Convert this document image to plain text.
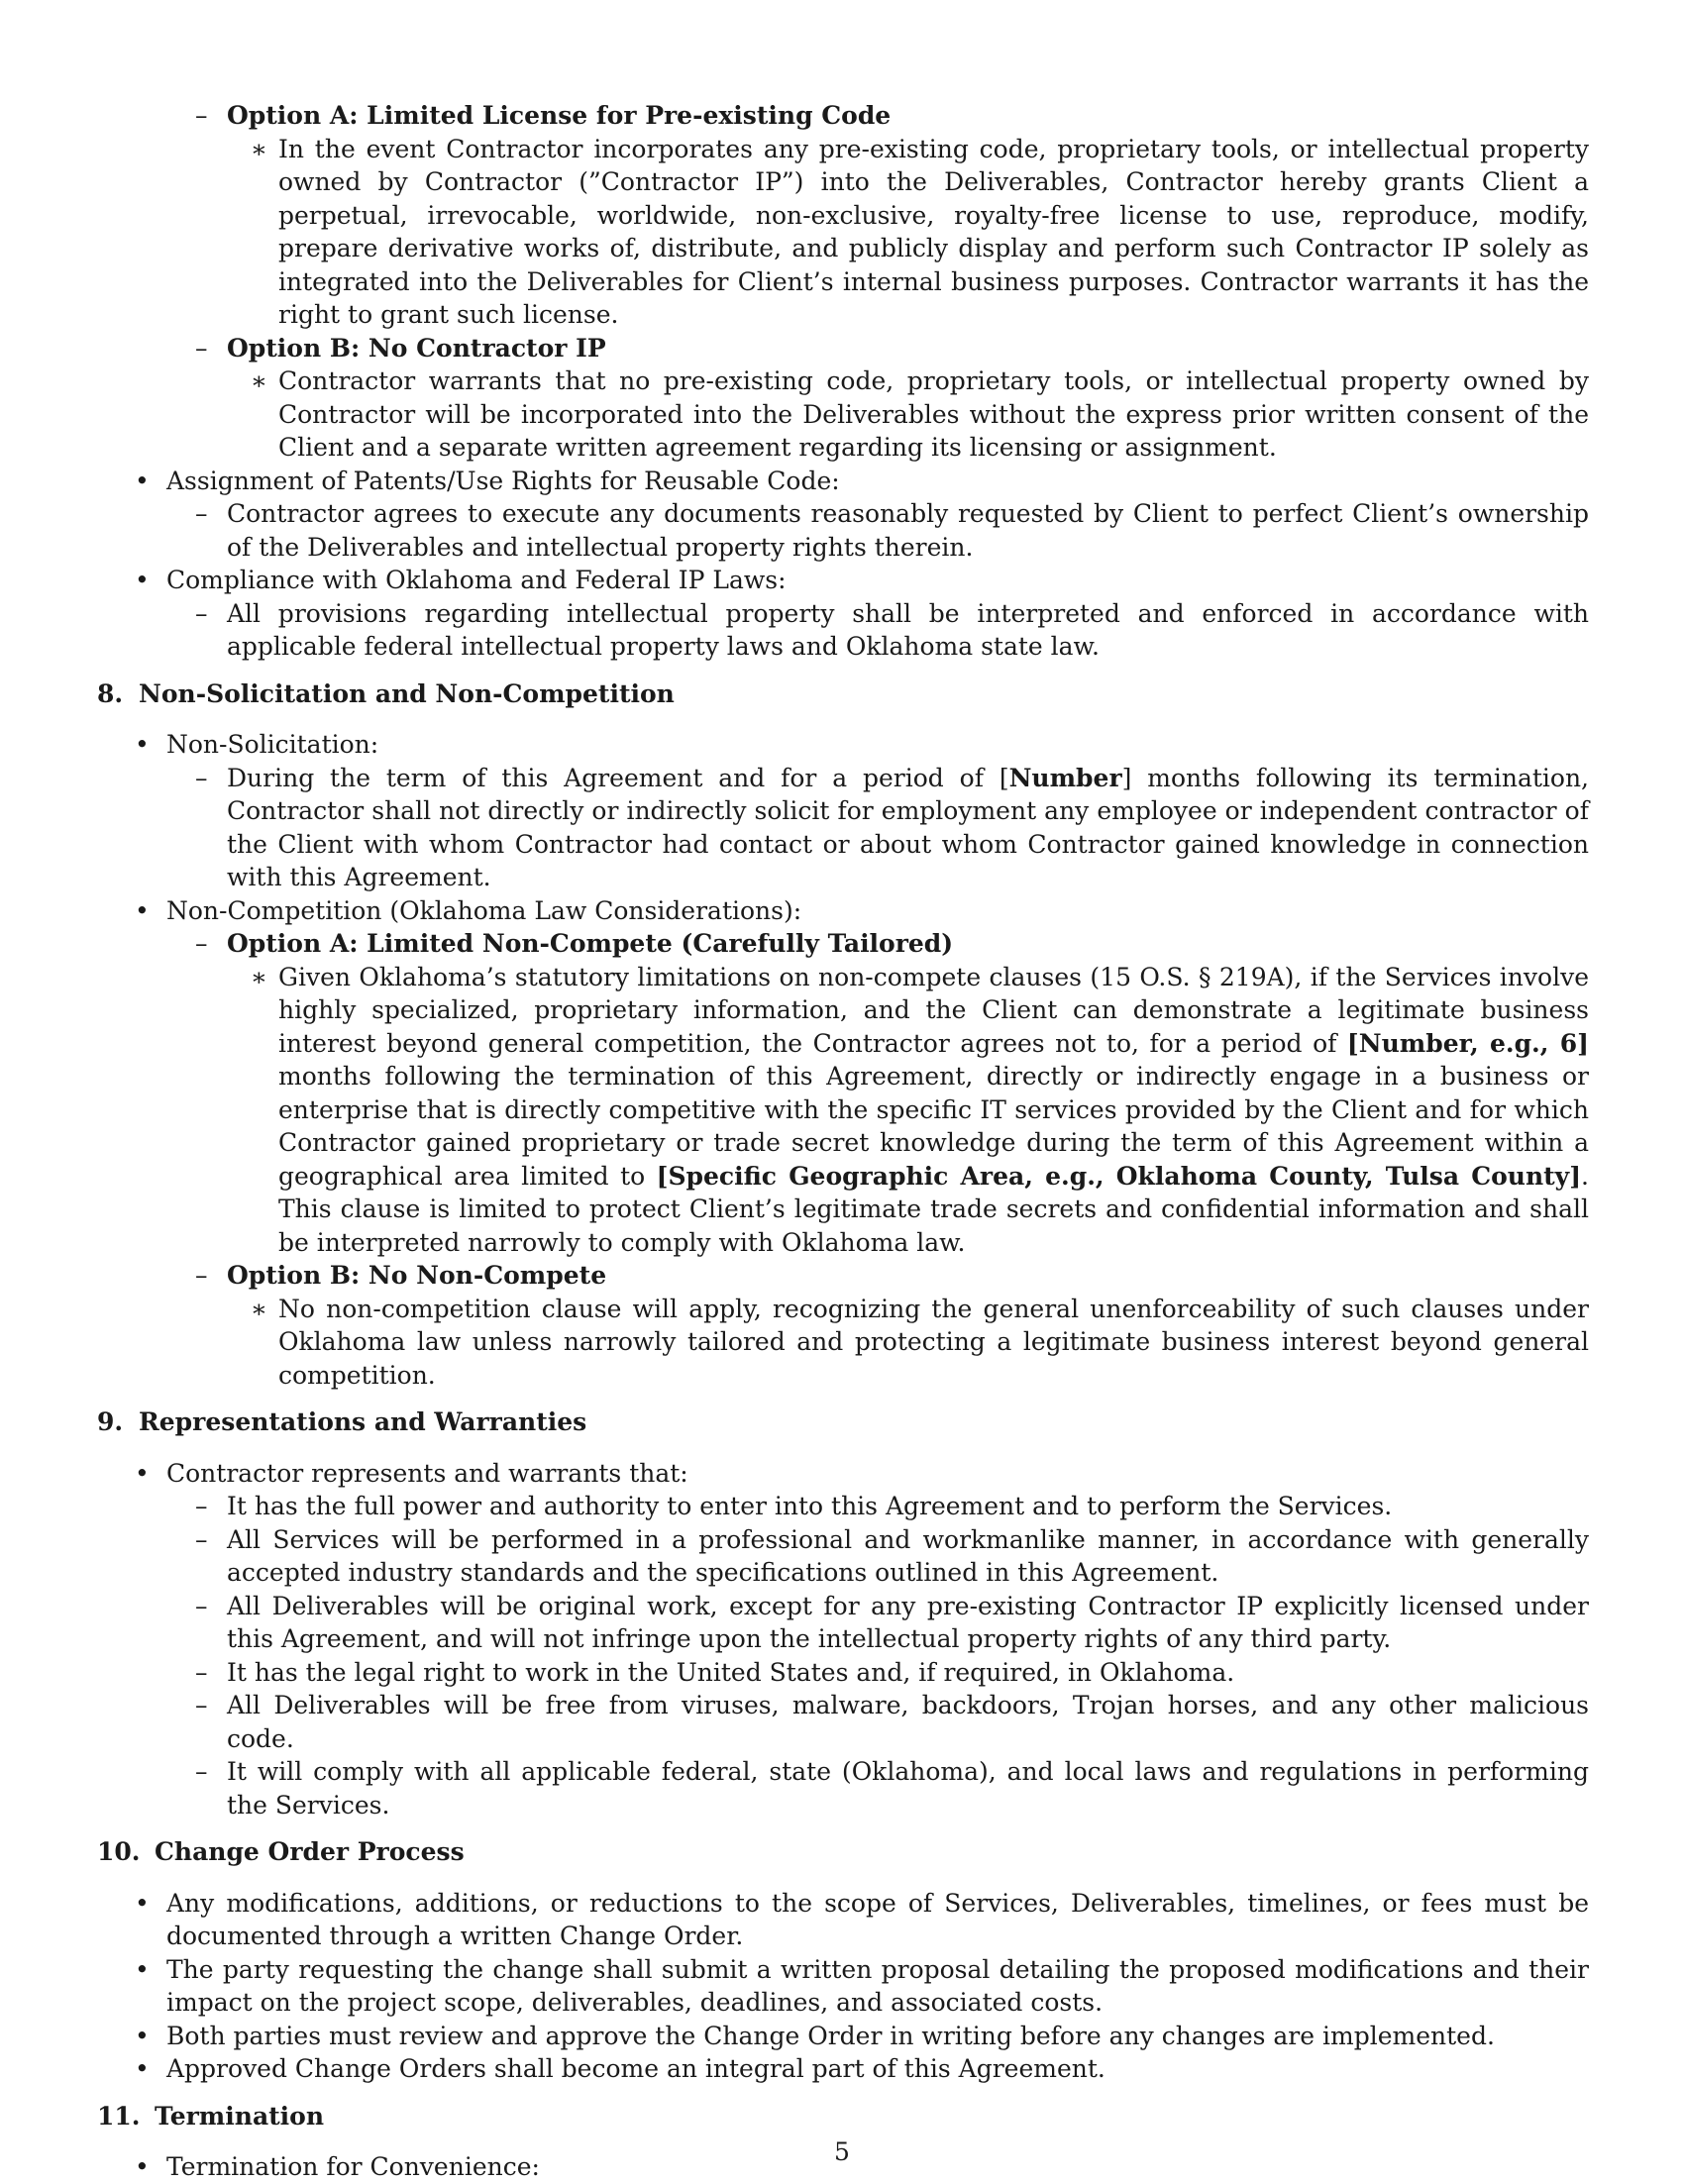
– Option A: Limited License for Pre-existing Code

∗ In the event Contractor incorporates any pre-existing code, proprietary tools, or intellectual property owned by Contractor (”Contractor IP”) into the Deliverables, Contractor hereby grants Client a perpetual, irrevocable, worldwide, non-exclusive, royalty-free license to use, reproduce, modify, prepare derivative works of, distribute, and publicly display and perform such Contractor IP solely as integrated into the Deliverables for Client’s internal business purposes. Contractor warrants it has the right to grant such license.

– Option B: No Contractor IP

∗ Contractor warrants that no pre-existing code, proprietary tools, or intellectual property owned by Contractor will be incorporated into the Deliverables without the express prior written consent of the Client and a separate written agreement regarding its licensing or assignment.

• Assignment of Patents/Use Rights for Reusable Code:

– Contractor agrees to execute any documents reasonably requested by Client to perfect Client’s ownership of the Deliverables and intellectual property rights therein.

• Compliance with Oklahoma and Federal IP Laws:

– All provisions regarding intellectual property shall be interpreted and enforced in accordance with applicable federal intellectual property laws and Oklahoma state law.

8. Non-Solicitation and Non-Competition

• Non-Solicitation:

– During the term of this Agreement and for a period of [Number] months following its termination, Contractor shall not directly or indirectly solicit for employment any employee or independent contractor of the Client with whom Contractor had contact or about whom Contractor gained knowledge in connection with this Agreement.

• Non-Competition (Oklahoma Law Considerations):

– Option A: Limited Non-Compete (Carefully Tailored)

∗ Given Oklahoma’s statutory limitations on non-compete clauses (15 O.S. § 219A), if the Services involve highly specialized, proprietary information, and the Client can demonstrate a legitimate business interest beyond general competition, the Contractor agrees not to, for a period of [Number, e.g., 6] months following the termination of this Agreement, directly or indirectly engage in a business or enterprise that is directly competitive with the specific IT services provided by the Client and for which Contractor gained proprietary or trade secret knowledge during the term of this Agreement within a geographical area limited to [Specific Geographic Area, e.g., Oklahoma County, Tulsa County]. This clause is limited to protect Client’s legitimate trade secrets and confidential information and shall be interpreted narrowly to comply with Oklahoma law.

– Option B: No Non-Compete

∗ No non-competition clause will apply, recognizing the general unenforceability of such clauses under Oklahoma law unless narrowly tailored and protecting a legitimate business interest beyond general competition.

9. Representations and Warranties

• Contractor represents and warrants that:

– It has the full power and authority to enter into this Agreement and to perform the Services.

– All Services will be performed in a professional and workmanlike manner, in accordance with generally accepted industry standards and the specifications outlined in this Agreement.

– All Deliverables will be original work, except for any pre-existing Contractor IP explicitly licensed under this Agreement, and will not infringe upon the intellectual property rights of any third party.

– It has the legal right to work in the United States and, if required, in Oklahoma.

– All Deliverables will be free from viruses, malware, backdoors, Trojan horses, and any other malicious code.

– It will comply with all applicable federal, state (Oklahoma), and local laws and regulations in performing the Services.

10. Change Order Process

• Any modifications, additions, or reductions to the scope of Services, Deliverables, timelines, or fees must be documented through a written Change Order.

• The party requesting the change shall submit a written proposal detailing the proposed modifications and their impact on the project scope, deliverables, deadlines, and associated costs.

• Both parties must review and approve the Change Order in writing before any changes are implemented.

• Approved Change Orders shall become an integral part of this Agreement.

11. Termination

• Termination for Convenience:

5
